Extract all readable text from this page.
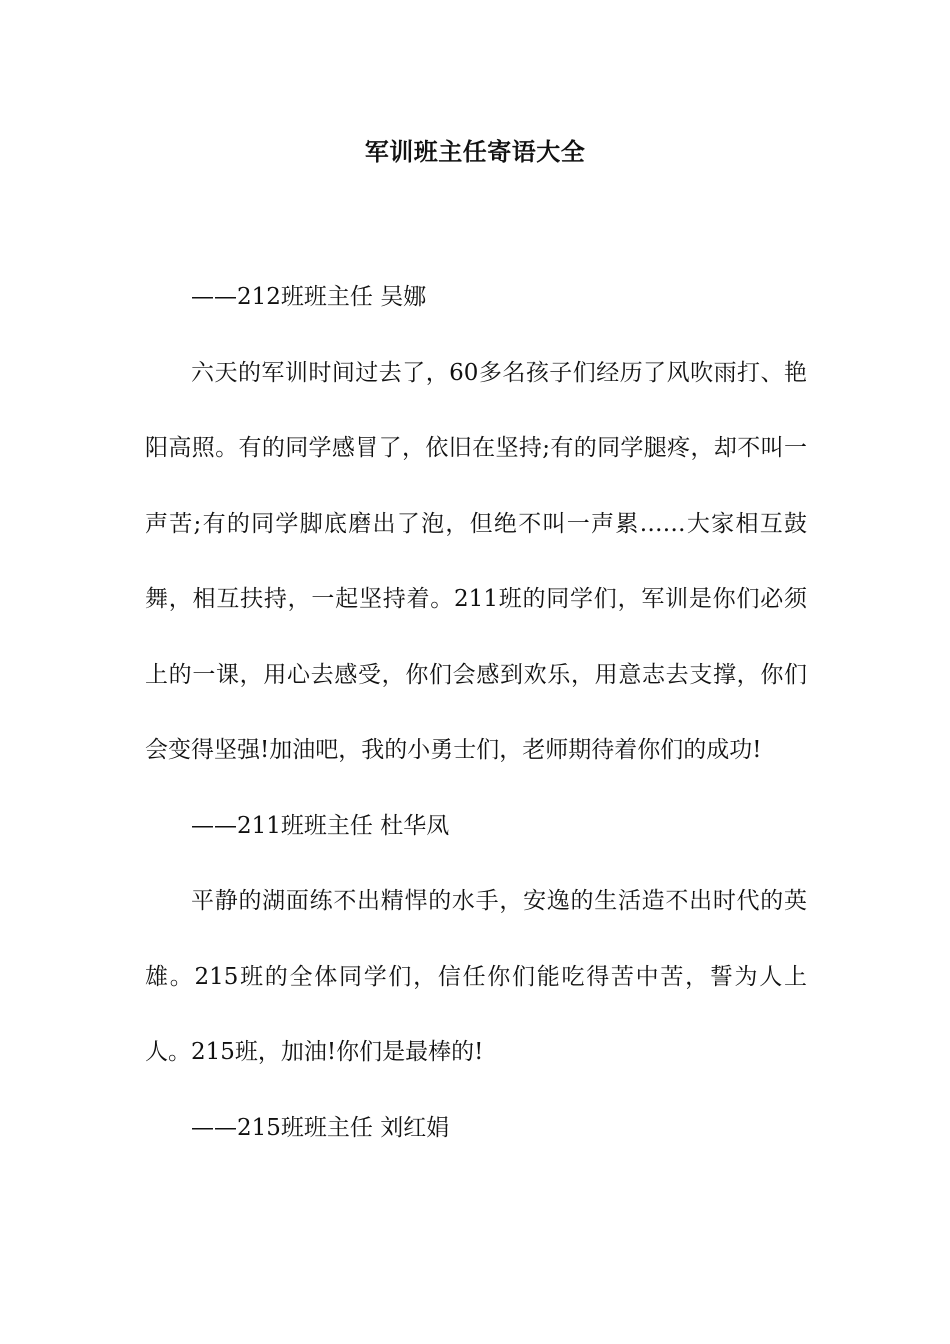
军训班主任寄语大全

——212班班主任 吴娜

六天的军训时间过去了，60多名孩子们经历了风吹雨打、艳阳高照。有的同学感冒了，依旧在坚持;有的同学腿疼，却不叫一声苦;有的同学脚底磨出了泡，但绝不叫一声累……大家相互鼓舞，相互扶持，一起坚持着。211班的同学们，军训是你们必须上的一课，用心去感受，你们会感到欢乐，用意志去支撑，你们会变得坚强!加油吧，我的小勇士们，老师期待着你们的成功!

——211班班主任 杜华凤

平静的湖面练不出精悍的水手，安逸的生活造不出时代的英雄。215班的全体同学们，信任你们能吃得苦中苦，誓为人上人。215班，加油!你们是最棒的!

——215班班主任 刘红娟
